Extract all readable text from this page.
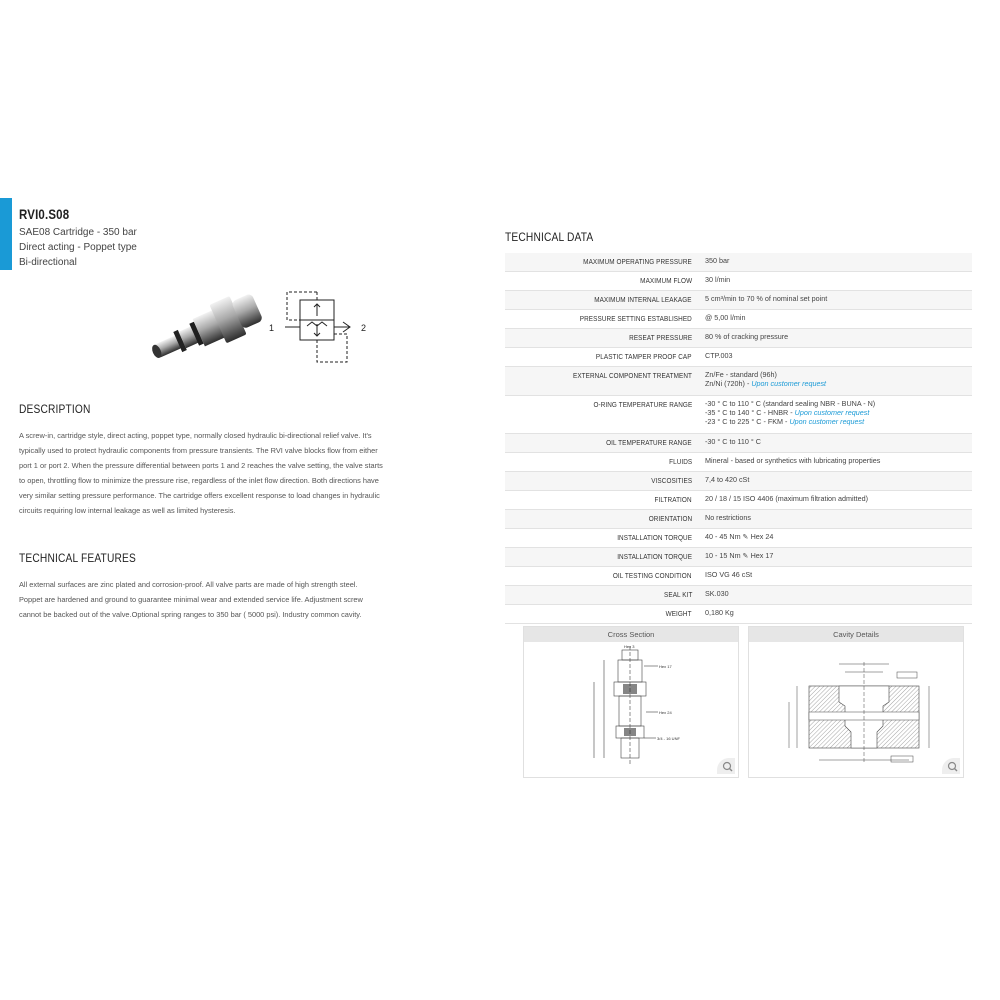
RVI0.S08
SAE08 Cartridge - 350 bar
Direct acting - Poppet type
Bi-directional
1	2
DESCRIPTION
A screw-in, cartridge style, direct acting, poppet type, normally closed hydraulic bi-directional relief valve. It's
typically used to protect hydraulic components from pressure transients. The RVI valve blocks flow from either
port 1 or port 2. When the pressure differential between ports 1 and 2 reaches the valve setting, the valve starts
to open, throttling flow to minimize the pressure rise, regardless of the inlet flow direction. Both directions have
very similar setting pressure performance. The cartridge offers excellent response to load changes in hydraulic
circuits requiring low internal leakage as well as limited hysteresis.
TECHNICAL FEATURES
All external surfaces are zinc plated and corrosion-proof. All valve parts are made of high strength steel.
Poppet are hardened and ground to guarantee minimal wear and extended service life. Adjustment screw
cannot be backed out of the valve.Optional spring ranges to 350 bar ( 5000 psi). Industry common cavity.
TECHNICAL DATA
MAXIMUM OPERATING PRESSURE 350 bar
MAXIMUM FLOW 30 l/min
MAXIMUM INTERNAL LEAKAGE 5 cm³/min to 70 % of nominal set point
PRESSURE SETTING ESTABLISHED @ 5,00 l/min
RESEAT PRESSURE 80 % of cracking pressure
PLASTIC TAMPER PROOF CAP CTP.003
EXTERNAL COMPONENT TREATMENT Zn/Fe - standard (96h)
Zn/Ni (720h) - Upon customer request
O-RING TEMPERATURE RANGE -30 ° C to 110 ° C (standard sealing NBR - BUNA - N)
-35 ° C to 140 ° C - HNBR - Upon customer request
-23 ° C to 225 ° C - FKM - Upon customer request
OIL TEMPERATURE RANGE -30 ° C to 110 ° C
FLUIDS Mineral - based or synthetics with lubricating properties
VISCOSITIES 7,4 to 420 cSt
FILTRATION 20 / 18 / 15 ISO 4406 (maximum filtration admitted)
ORIENTATION No restrictions
INSTALLATION TORQUE 40 - 45 Nm ✎ Hex 24
INSTALLATION TORQUE 10 - 15 Nm ✎ Hex 17
OIL TESTING CONDITION ISO VG 46 cSt
SEAL KIT SK.030
WEIGHT 0,180 Kg
Cross Section
Hex 3
Hex 17
Hex 24
3/4 - 16 UNF
Cavity Details
